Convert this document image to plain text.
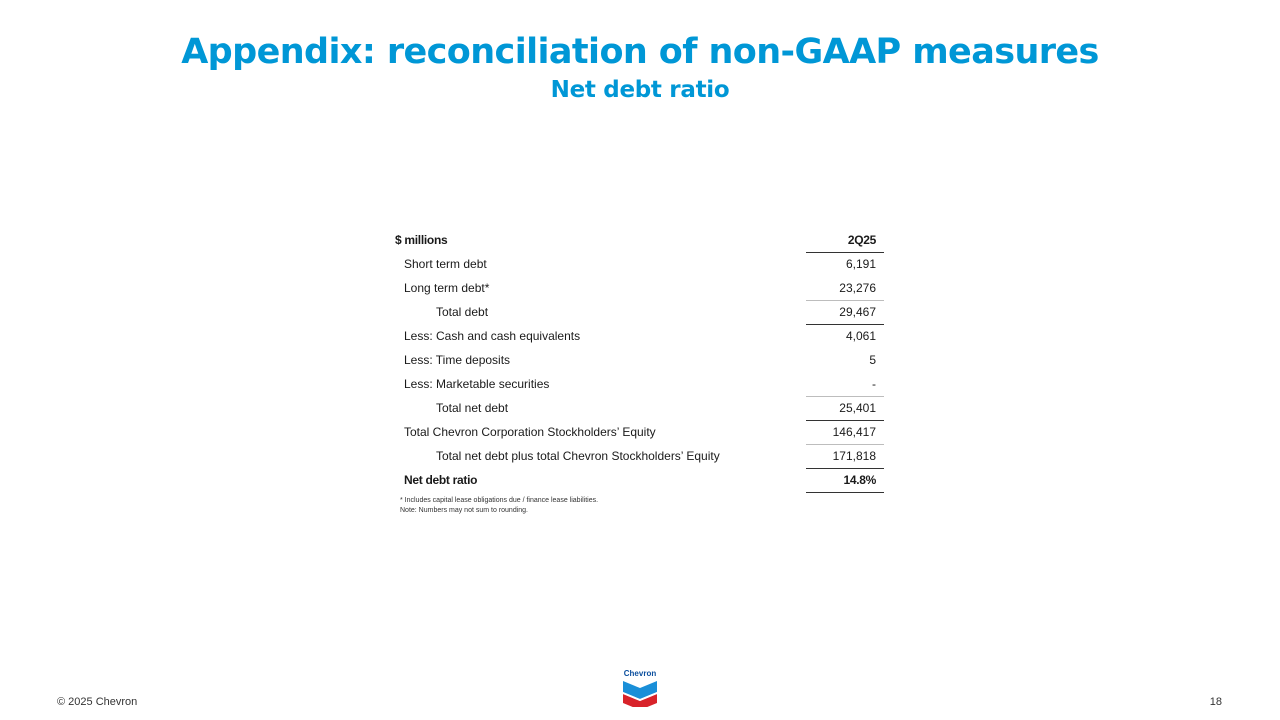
Appendix: reconciliation of non-GAAP measures
Net debt ratio
$ millions	2Q25
Short term debt	6,191
Long term debt*	23,276
Total debt	29,467
Less: Cash and cash equivalents	4,061
Less: Time deposits	5
Less: Marketable securities	-
Total net debt	25,401
Total Chevron Corporation Stockholders’ Equity	146,417
Total net debt plus total Chevron Stockholders’ Equity	171,818
Net debt ratio	14.8%
* Includes capital lease obligations due / finance lease liabilities.
Note: Numbers may not sum to rounding.
© 2025 Chevron
Chevron
18
